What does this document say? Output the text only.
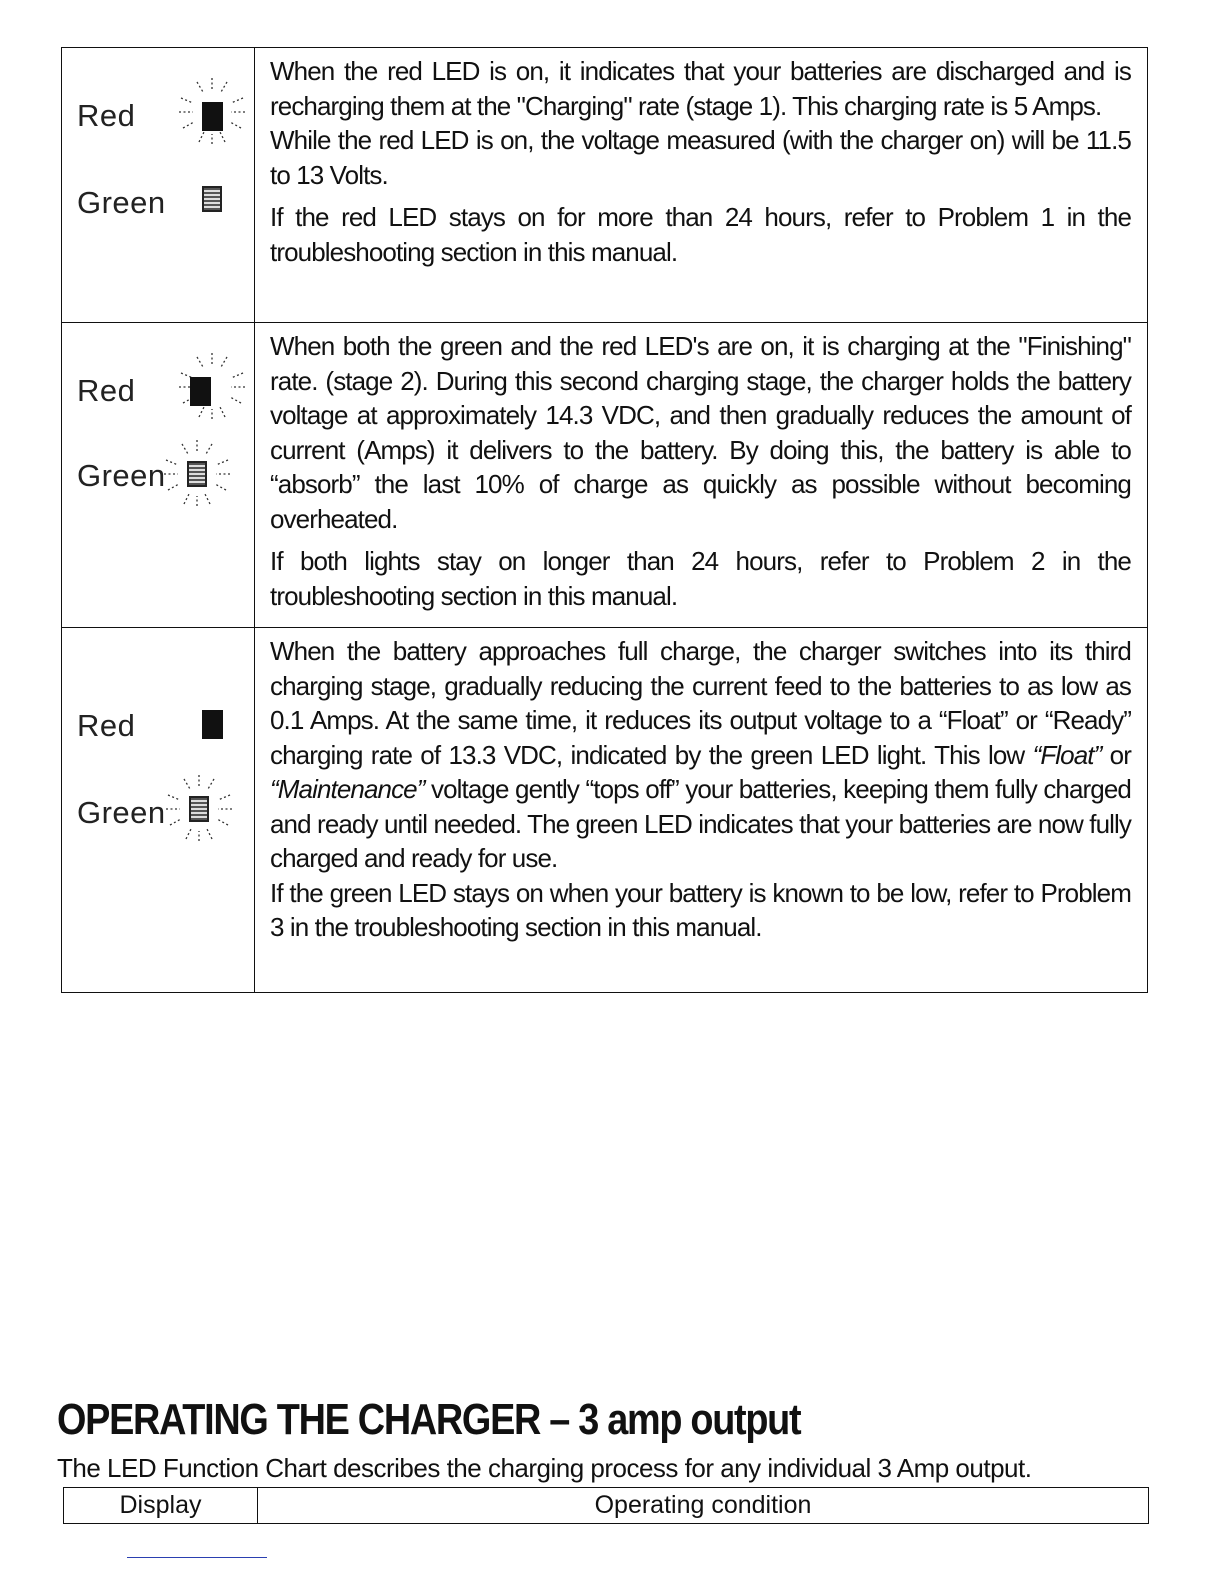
Red
Green

When the red LED is on, it indicates that your batteries are discharged and is recharging them at the "Charging" rate (stage 1). This charging rate is 5 Amps.

While the red LED is on, the voltage measured (with the charger on) will be 11.5 to 13 Volts.

If the red LED stays on for more than 24 hours, refer to Problem 1 in the troubleshooting section in this manual.

Red
Green

When both the green and the red LED's are on, it is charging at the "Finishing" rate. (stage 2). During this second charging stage, the charger holds the battery voltage at approximately 14.3 VDC, and then gradually reduces the amount of current (Amps) it delivers to the battery. By doing this, the battery is able to “absorb” the last 10% of charge as quickly as possible without becoming overheated.

If both lights stay on longer than 24 hours, refer to Problem 2 in the troubleshooting section in this manual.

Red
Green

When the battery approaches full charge, the charger switches into its third charging stage, gradually reducing the current feed to the batteries to as low as 0.1 Amps. At the same time, it reduces its output voltage to a “Float” or “Ready” charging rate of 13.3 VDC, indicated by the green LED light. This low “Float” or “Maintenance” voltage gently “tops off” your batteries, keeping them fully charged and ready until needed. The green LED indicates that your batteries are now fully charged and ready for use.

If the green LED stays on when your battery is known to be low, refer to Problem 3 in the troubleshooting section in this manual.

OPERATING THE CHARGER – 3 amp output

The LED Function Chart describes the charging process for any individual 3 Amp output.

Display	Operating condition
